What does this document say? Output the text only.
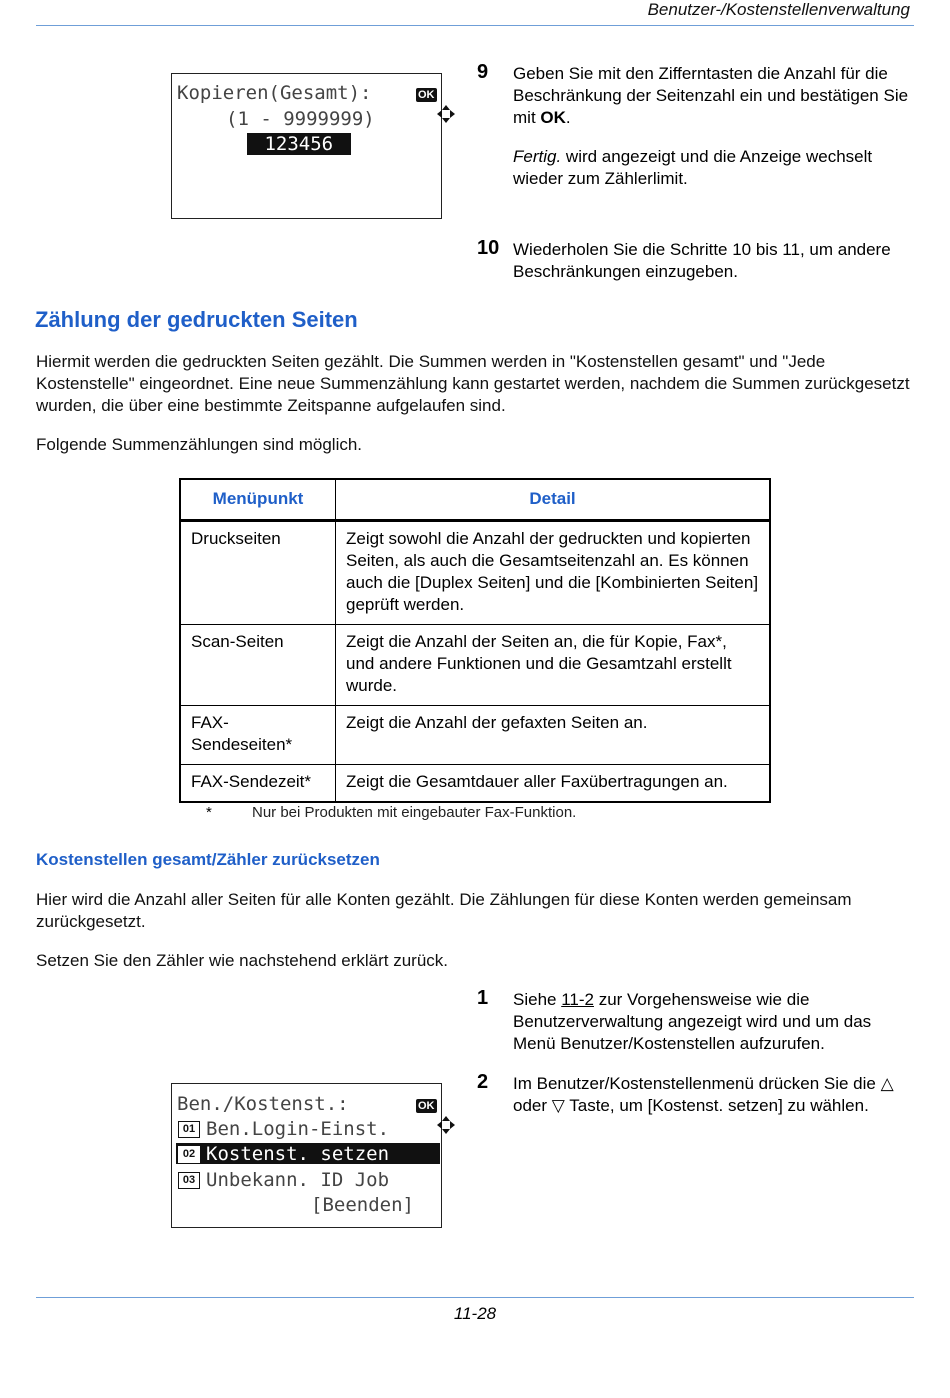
Benutzer-/Kostenstellenverwaltung
Kopieren(Gesamt):

	OK
(1 - 9999999)
123456
9 Geben Sie mit den Zifferntasten die Anzahl für die Beschränkung der Seitenzahl ein und bestätigen Sie mit OK.
Fertig. wird angezeigt und die Anzeige wechselt wieder zum Zählerlimit.
10 Wiederholen Sie die Schritte 10 bis 11, um andere Beschränkungen einzugeben.
Zählung der gedruckten Seiten
Hiermit werden die gedruckten Seiten gezählt. Die Summen werden in "Kostenstellen gesamt" und "Jede Kostenstelle" eingeordnet. Eine neue Summenzählung kann gestartet werden, nachdem die Summen zurückgesetzt wurden, die über eine bestimmte Zeitspanne aufgelaufen sind.
Folgende Summenzählungen sind möglich.
Menüpunkt	Detail
Druckseiten	Zeigt sowohl die Anzahl der gedruckten und kopierten Seiten, als auch die Gesamtseitenzahl an. Es können auch die [Duplex Seiten] und die [Kombinierten Seiten] geprüft werden.
Scan-Seiten	Zeigt die Anzahl der Seiten an, die für Kopie, Fax*, und andere Funktionen und die Gesamtzahl erstellt wurde.
FAX-Sendeseiten*	Zeigt die Anzahl der gefaxten Seiten an.
FAX-Sendezeit*	Zeigt die Gesamtdauer aller Faxübertragungen an.
*	Nur bei Produkten mit eingebauter Fax-Funktion.
Kostenstellen gesamt/Zähler zurücksetzen
Hier wird die Anzahl aller Seiten für alle Konten gezählt. Die Zählungen für diese Konten werden gemeinsam zurückgesetzt.
Setzen Sie den Zähler wie nachstehend erklärt zurück.
1 Siehe 11-2 zur Vorgehensweise wie die Benutzerverwaltung angezeigt wird und um das Menü Benutzer/Kostenstellen aufzurufen.
2 Im Benutzer/Kostenstellenmenü drücken Sie die △ oder ▽ Taste, um [Kostenst. setzen] zu wählen.
Ben./Kostenst.:

	OK
01 Ben.Login-Einst.
02 Kostenst. setzen
03 Unbekann. ID Job
[Beenden]
11-28
